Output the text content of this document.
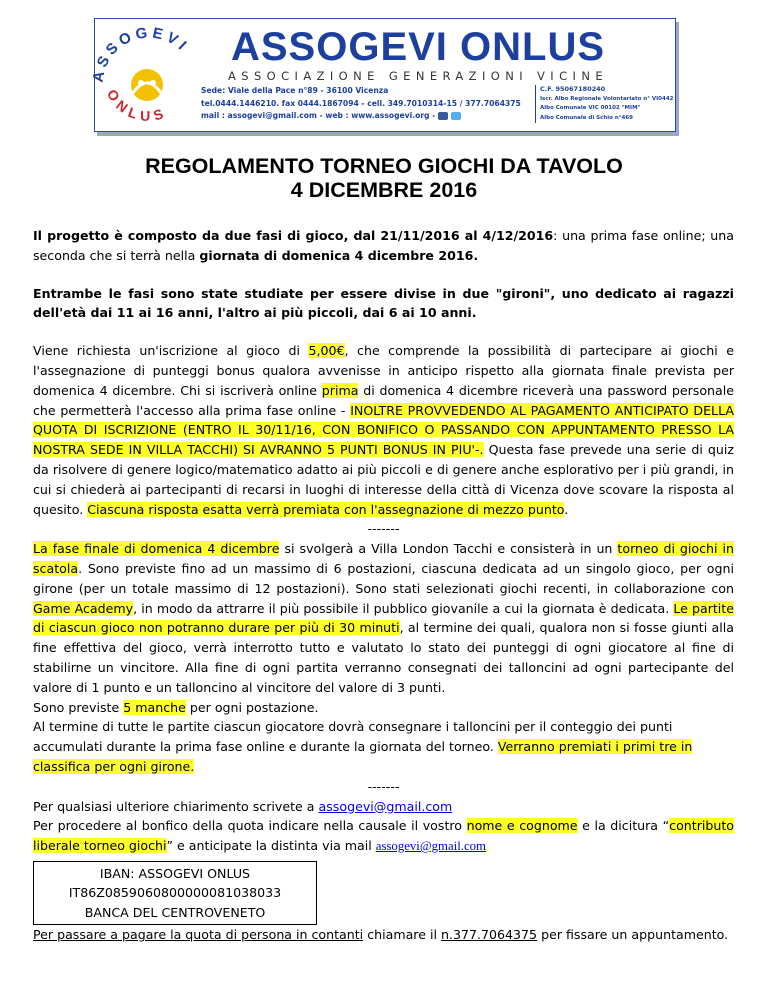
ASSOGEVI
ONLUS
ASSOGEVI ONLUS
ASSOCIAZIONE GENERAZIONI VICINE
Sede: Viale della Pace n°89 - 36100 Vicenza
tel.0444.1446210. fax 0444.1867094 - cell. 349.7010314-15 / 377.7064375
mail : assogevi@gmail.com - web : www.assogevi.org -
C.F. 95067180240
Iscr. Albo Regionale Volontariato n° VI0442
Albo Comunale VIC 00102 "MIM"
Albo Comunale di Schio n°469
REGOLAMENTO TORNEO GIOCHI DA TAVOLO
4 DICEMBRE 2016

Il progetto è composto da due fasi di gioco, dal 21/11/2016 al 4/12/2016: una prima fase online; una seconda che si terrà nella giornata di domenica 4 dicembre 2016.

Entrambe le fasi sono state studiate per essere divise in due "gironi", uno dedicato ai ragazzi dell'età dai 11 ai 16 anni, l'altro ai più piccoli, dai 6 ai 10 anni.

Viene richiesta un'iscrizione al gioco di 5,00€, che comprende la possibilità di partecipare ai giochi e l'assegnazione di punteggi bonus qualora avvenisse in anticipo rispetto alla giornata finale prevista per domenica 4 dicembre. Chi si iscriverà online prima di domenica 4 dicembre riceverà una password personale che permetterà l'accesso alla prima fase online - INOLTRE PROVVEDENDO AL PAGAMENTO ANTICIPATO DELLA QUOTA DI ISCRIZIONE (ENTRO IL 30/11/16, CON BONIFICO O PASSANDO CON APPUNTAMENTO PRESSO LA NOSTRA SEDE IN VILLA TACCHI) SI AVRANNO 5 PUNTI BONUS IN PIU'-. Questa fase prevede una serie di quiz da risolvere di genere logico/matematico adatto ai più piccoli e di genere anche esplorativo per i più grandi, in cui si chiederà ai partecipanti di recarsi in luoghi di interesse della città di Vicenza dove scovare la risposta al quesito. Ciascuna risposta esatta verrà premiata con l'assegnazione di mezzo punto.

-------

La fase finale di domenica 4 dicembre si svolgerà a Villa London Tacchi e consisterà in un torneo di giochi in scatola. Sono previste fino ad un massimo di 6 postazioni, ciascuna dedicata ad un singolo gioco, per ogni girone (per un totale massimo di 12 postazioni). Sono stati selezionati giochi recenti, in collaborazione con Game Academy, in modo da attrarre il più possibile il pubblico giovanile a cui la giornata è dedicata. Le partite di ciascun gioco non potranno durare per più di 30 minuti, al termine dei quali, qualora non si fosse giunti alla fine effettiva del gioco, verrà interrotto tutto e valutato lo stato dei punteggi di ogni giocatore al fine di stabilirne un vincitore. Alla fine di ogni partita verranno consegnati dei talloncini ad ogni partecipante del valore di 1 punto e un talloncino al vincitore del valore di 3 punti.

Sono previste 5 manche per ogni postazione.

Al termine di tutte le partite ciascun giocatore dovrà consegnare i talloncini per il conteggio dei punti accumulati durante la prima fase online e durante la giornata del torneo. Verranno premiati i primi tre in classifica per ogni girone.

-------

Per qualsiasi ulteriore chiarimento scrivete a assogevi@gmail.com

Per procedere al bonfico della quota indicare nella causale il vostro nome e cognome e la dicitura “contributo liberale torneo giochi” e anticipate la distinta via mail assogevi@gmail.com

IBAN: ASSOGEVI ONLUS
IT86Z0859060800000081038033
BANCA DEL CENTROVENETO

Per passare a pagare la quota di persona in contanti chiamare il n.377.7064375 per fissare un appuntamento.
